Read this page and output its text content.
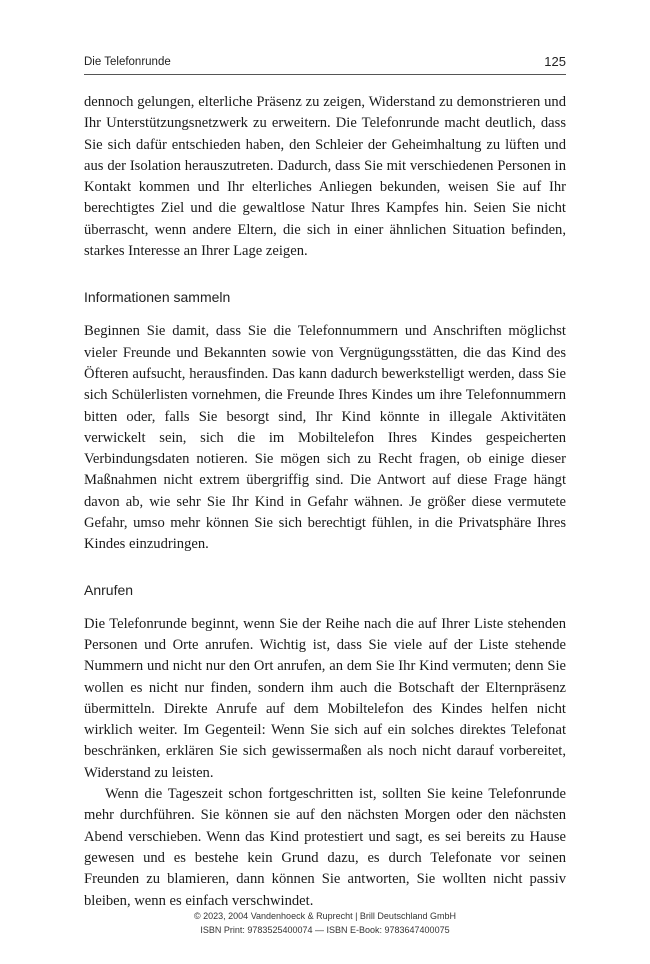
Die Telefonrunde	125

dennoch gelungen, elterliche Präsenz zu zeigen, Widerstand zu demonstrieren und Ihr Unterstützungsnetzwerk zu erweitern. Die Telefonrunde macht deutlich, dass Sie sich dafür entschieden haben, den Schleier der Geheimhaltung zu lüften und aus der Isolation herauszutreten. Dadurch, dass Sie mit verschiedenen Personen in Kontakt kommen und Ihr elterliches Anliegen bekunden, weisen Sie auf Ihr berechtigtes Ziel und die gewaltlose Natur Ihres Kampfes hin. Seien Sie nicht überrascht, wenn andere Eltern, die sich in einer ähnlichen Situation befinden, starkes Interesse an Ihrer Lage zeigen.

Informationen sammeln

Beginnen Sie damit, dass Sie die Telefonnummern und Anschriften möglichst vieler Freunde und Bekannten sowie von Vergnügungsstätten, die das Kind des Öfteren aufsucht, herausfinden. Das kann dadurch bewerkstelligt werden, dass Sie sich Schülerlisten vornehmen, die Freunde Ihres Kindes um ihre Telefonnummern bitten oder, falls Sie besorgt sind, Ihr Kind könnte in illegale Aktivitäten verwickelt sein, sich die im Mobiltelefon Ihres Kindes gespeicherten Verbindungsdaten notieren. Sie mögen sich zu Recht fragen, ob einige dieser Maßnahmen nicht extrem übergriffig sind. Die Antwort auf diese Frage hängt davon ab, wie sehr Sie Ihr Kind in Gefahr wähnen. Je größer diese vermutete Gefahr, umso mehr können Sie sich berechtigt fühlen, in die Privatsphäre Ihres Kindes einzudringen.

Anrufen

Die Telefonrunde beginnt, wenn Sie der Reihe nach die auf Ihrer Liste stehenden Personen und Orte anrufen. Wichtig ist, dass Sie viele auf der Liste stehende Nummern und nicht nur den Ort anrufen, an dem Sie Ihr Kind vermuten; denn Sie wollen es nicht nur finden, sondern ihm auch die Botschaft der Elternpräsenz übermitteln. Direkte Anrufe auf dem Mobiltelefon des Kindes helfen nicht wirklich weiter. Im Gegenteil: Wenn Sie sich auf ein solches direktes Telefonat beschränken, erklären Sie sich gewissermaßen als noch nicht darauf vorbereitet, Widerstand zu leisten.

Wenn die Tageszeit schon fortgeschritten ist, sollten Sie keine Telefonrunde mehr durchführen. Sie können sie auf den nächsten Morgen oder den nächsten Abend verschieben. Wenn das Kind protestiert und sagt, es sei bereits zu Hause gewesen und es bestehe kein Grund dazu, es durch Telefonate vor seinen Freunden zu blamieren, dann können Sie antworten, Sie wollten nicht passiv bleiben, wenn es einfach verschwindet.

© 2023, 2004 Vandenhoeck & Ruprecht | Brill Deutschland GmbH
ISBN Print: 9783525400074 — ISBN E-Book: 9783647400075
